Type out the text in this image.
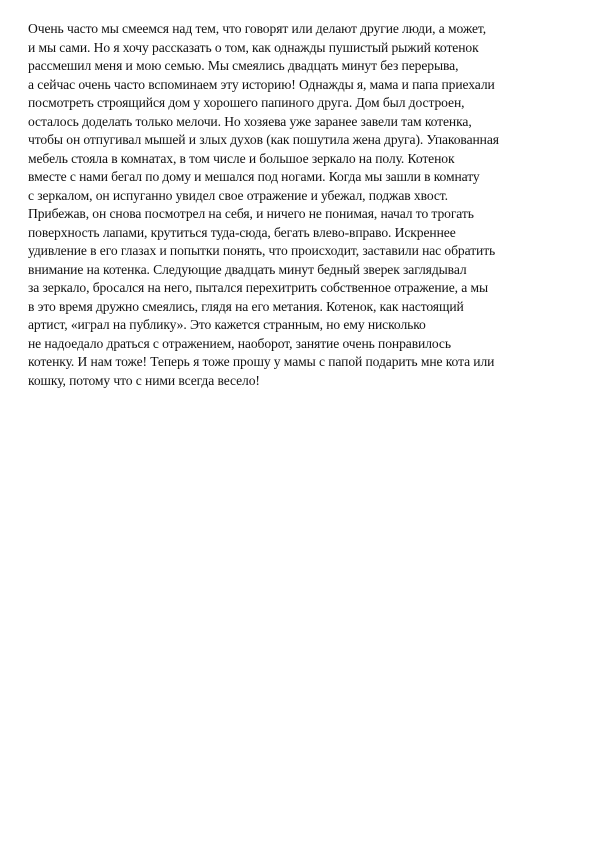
Очень часто мы смеемся над тем, что говорят или делают другие люди, а может,
и мы сами. Но я хочу рассказать о том, как однажды пушистый рыжий котенок
рассмешил меня и мою семью. Мы смеялись двадцать минут без перерыва,
а сейчас очень часто вспоминаем эту историю! Однажды я, мама и папа приехали
посмотреть строящийся дом у хорошего папиного друга. Дом был достроен,
осталось доделать только мелочи. Но хозяева уже заранее завели там котенка,
чтобы он отпугивал мышей и злых духов (как пошутила жена друга). Упакованная
мебель стояла в комнатах, в том числе и большое зеркало на полу. Котенок
вместе с нами бегал по дому и мешался под ногами. Когда мы зашли в комнату
с зеркалом, он испуганно увидел свое отражение и убежал, поджав хвост.
Прибежав, он снова посмотрел на себя, и ничего не понимая, начал то трогать
поверхность лапами, крутиться туда-сюда, бегать влево-вправо. Искреннее
удивление в его глазах и попытки понять, что происходит, заставили нас обратить
внимание на котенка. Следующие двадцать минут бедный зверек заглядывал
за зеркало, бросался на него, пытался перехитрить собственное отражение, а мы
в это время дружно смеялись, глядя на его метания. Котенок, как настоящий
артист, «играл на публику». Это кажется странным, но ему нисколько
не надоедало драться с отражением, наоборот, занятие очень понравилось
котенку. И нам тоже! Теперь я тоже прошу у мамы с папой подарить мне кота или
кошку, потому что с ними всегда весело!
